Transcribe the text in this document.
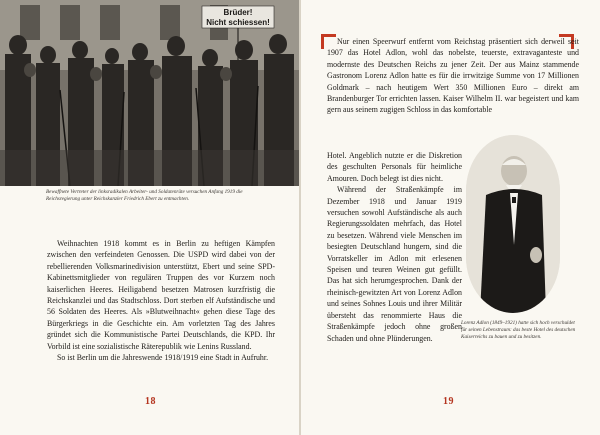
Brüder!
Nicht schiessen!
Bewaffnete Vertreter der linksradikalen Arbeiter- und Soldatenräte versuchen Anfang 1919 die Reichsregierung unter Reichskanzler Friedrich Ebert zu entmachten.

Weihnachten 1918 kommt es in Berlin zu heftigen Kämpfen zwischen den verfeindeten Genossen. Die USPD wird dabei von der rebellierenden Volksmarinedivision unterstützt, Ebert und seine SPD-Kabinettsmitglieder von regulären Truppen des vor Kurzem noch kaiserlichen Heeres. Heiligabend besetzen Matrosen kurzfristig die Reichskanzlei und das Stadtschloss. Dort sterben elf Aufständische und 56 Soldaten des Heeres. Als »Blutweihnacht« gehen diese Tage des Bürgerkriegs in die Geschichte ein. Am vorletzten Tag des Jahres gründet sich die Kommunistische Partei Deutschlands, die KPD. Ihr Vorbild ist eine sozialistische Räterepublik wie Lenins Russland.

So ist Berlin um die Jahreswende 1918/1919 eine Stadt in Aufruhr.

18

Nur einen Speerwurf entfernt vom Reichstag präsentiert sich derweil seit 1907 das Hotel Adlon, wohl das nobelste, teuerste, extravaganteste und modernste des Deutschen Reichs zu jener Zeit. Der aus Mainz stammende Gastronom Lorenz Adlon hatte es für die irrwitzige Summe von 17 Millionen Goldmark – nach heutigem Wert 350 Millionen Euro – direkt am Brandenburger Tor errichten lassen. Kaiser Wilhelm II. war begeistert und kam gern aus seinem zugigen Schloss in das komfortable

Hotel. Angeblich nutzte er die Diskretion des geschulten Personals für heimliche Amouren. Doch belegt ist dies nicht.

Während der Straßenkämpfe im Dezember 1918 und Januar 1919 versuchen sowohl Aufständische als auch Regierungssoldaten mehrfach, das Hotel zu besetzen. Während viele Menschen im besiegten Deutschland hungern, sind die Vorratskeller im Adlon mit erlesenen Speisen und teuren Weinen gut gefüllt. Das hat sich herumgesprochen. Dank der rheinisch-gewitzten Art von Lorenz Adlon und seines Sohnes Louis und ihrer Militär übersteht das renommierte Haus die Straßenkämpfe jedoch ohne großen Schaden und ohne Plünderungen.

Lorenz Adlon (1849–1921) hatte sich hoch verschuldet für seinen Lebenstraum: das beste Hotel des deutschen Kaiserreichs zu bauen und zu besitzen.
19
